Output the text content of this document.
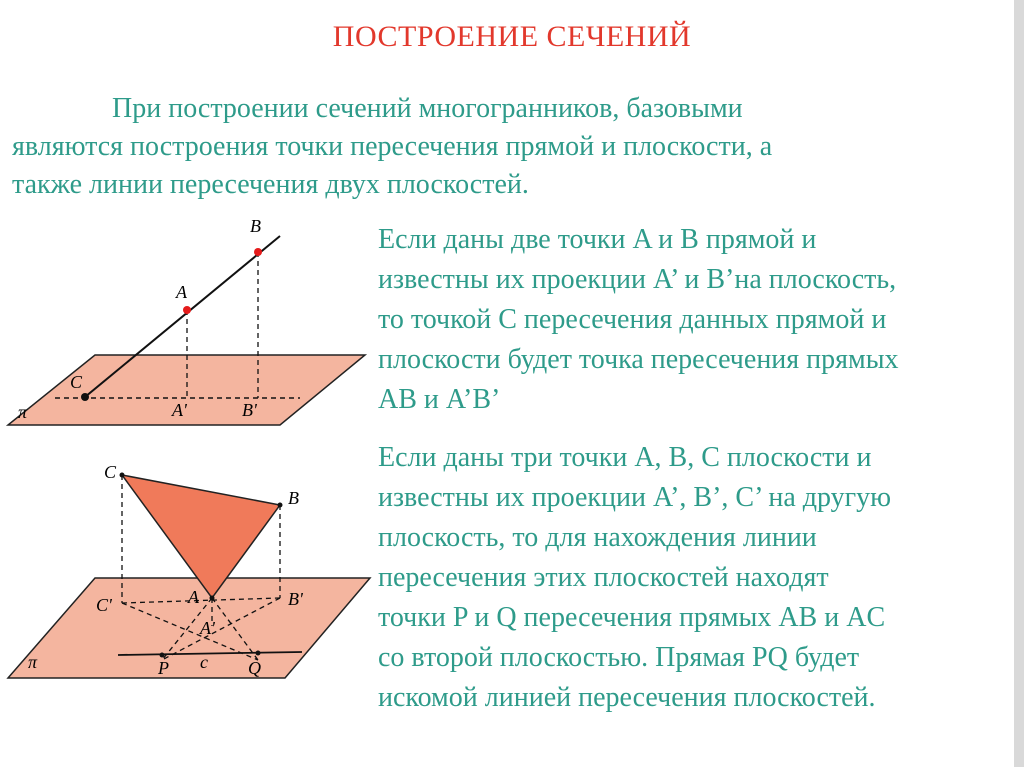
ПОСТРОЕНИЕ СЕЧЕНИЙ
При построении сечений многогранников, базовыми
являются построения точки пересечения прямой и плоскости, а
также линии пересечения двух плоскостей.
Если даны две точки A и B прямой и
известны их проекции A’ и B’на плоскость,
то точкой C пересечения данных прямой и
плоскости будет точка пересечения прямых
AB и A’B’
Если даны три точки A, B, C плоскости и
известны их проекции A’, B’, C’ на другую
плоскость, то для нахождения линии
пересечения этих плоскостей находят
точки P и Q пересечения прямых AB и AC
со второй плоскостью. Прямая PQ будет
искомой линией пересечения плоскостей.
B
A
C
A'	B'
π
C
B
A
C'	B'
A'
P c Q
π
